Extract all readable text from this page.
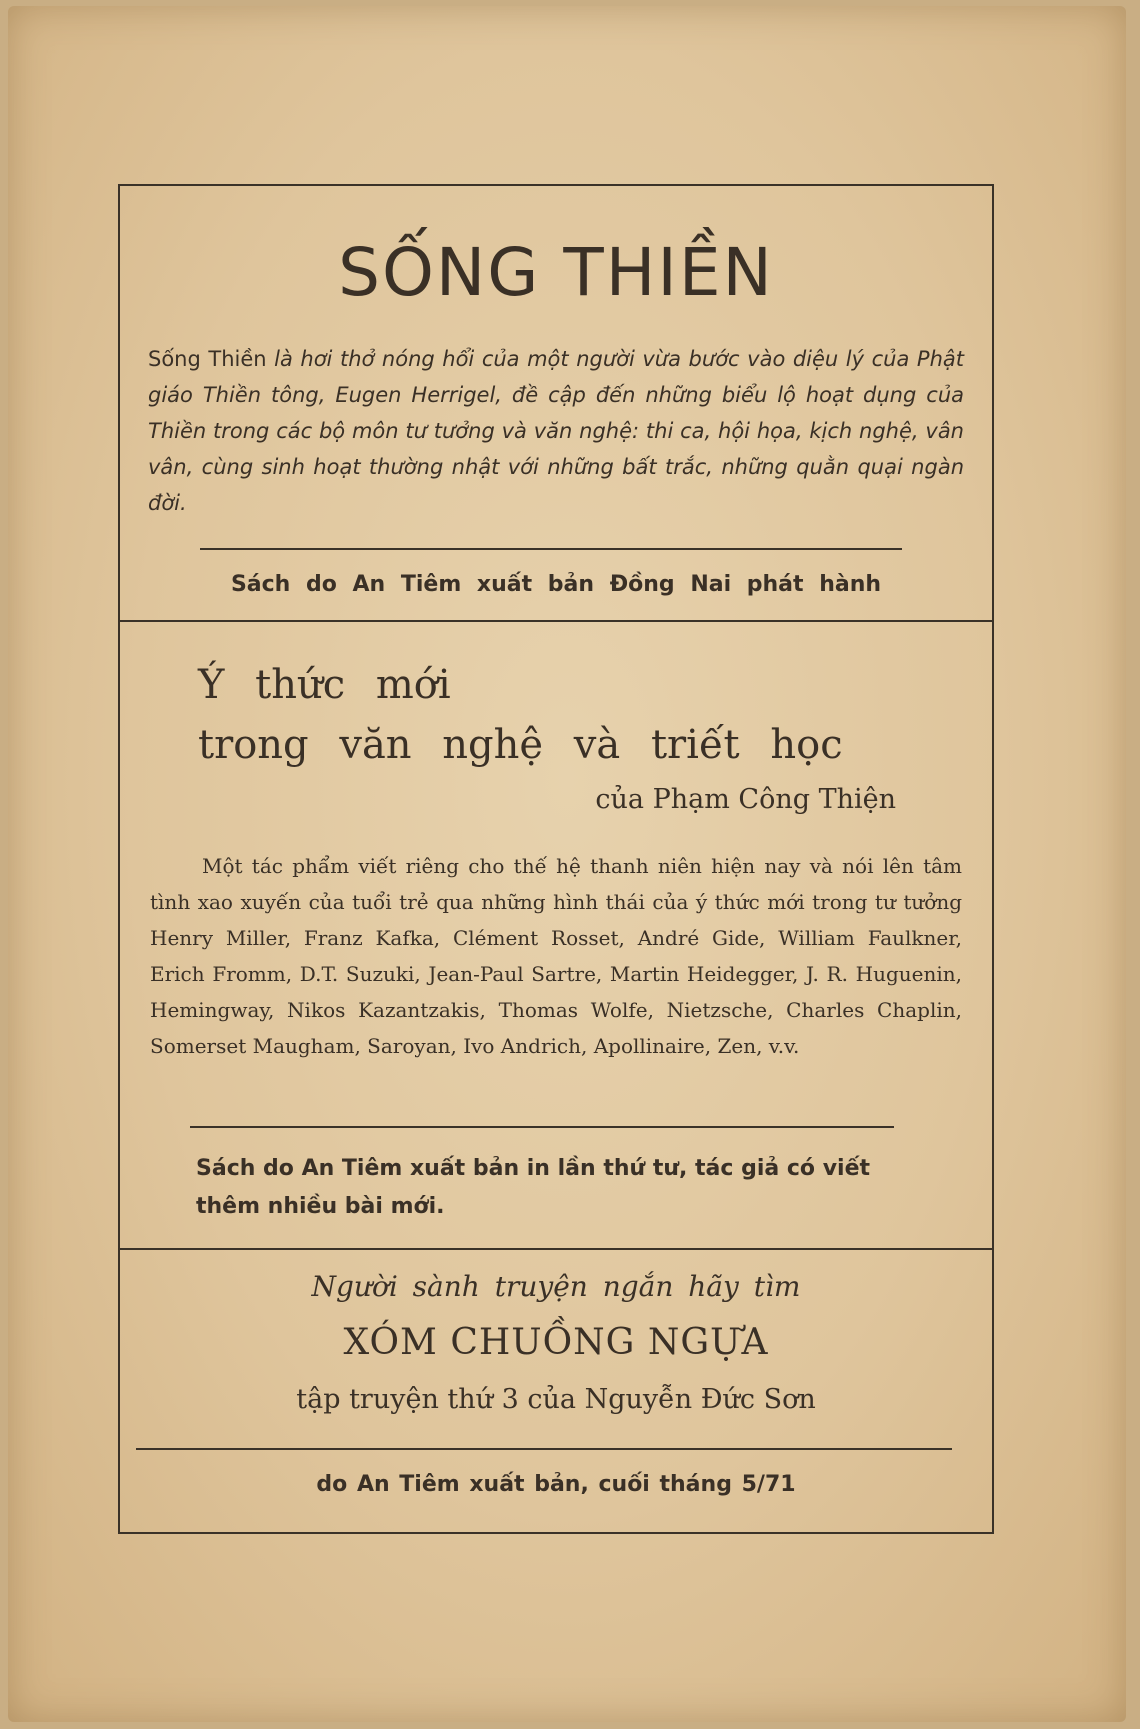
SỐNG THIỀN
Sống Thiền là hơi thở nóng hổi của một người vừa bước vào diệu lý của Phật giáo Thiền tông, Eugen Herrigel, đề cập đến những biểu lộ hoạt dụng của Thiền trong các bộ môn tư tưởng và văn nghệ: thi ca, hội họa, kịch nghệ, vân vân, cùng sinh hoạt thường nhật với những bất trắc, những quằn quại ngàn đời.
Sách do An Tiêm xuất bản Đồng Nai phát hành
Ý thức mới
trong văn nghệ và triết học
của Phạm Công Thiện
Một tác phẩm viết riêng cho thế hệ thanh niên hiện nay và nói lên tâm tình xao xuyến của tuổi trẻ qua những hình thái của ý thức mới trong tư tưởng Henry Miller, Franz Kafka, Clément Rosset, André Gide, William Faulkner, Erich Fromm, D.T. Suzuki, Jean-Paul Sartre, Martin Heidegger, J. R. Huguenin, Hemingway, Nikos Kazantzakis, Thomas Wolfe, Nietzsche, Charles Chaplin, Somerset Maugham, Saroyan, Ivo Andrich, Apollinaire, Zen, v.v.
Sách do An Tiêm xuất bản in lần thứ tư, tác giả có viết thêm nhiều bài mới.
Người sành truyện ngắn hãy tìm
XÓM CHUỒNG NGỰA
tập truyện thứ 3 của Nguyễn Đức Sơn
do An Tiêm xuất bản, cuối tháng 5/71
